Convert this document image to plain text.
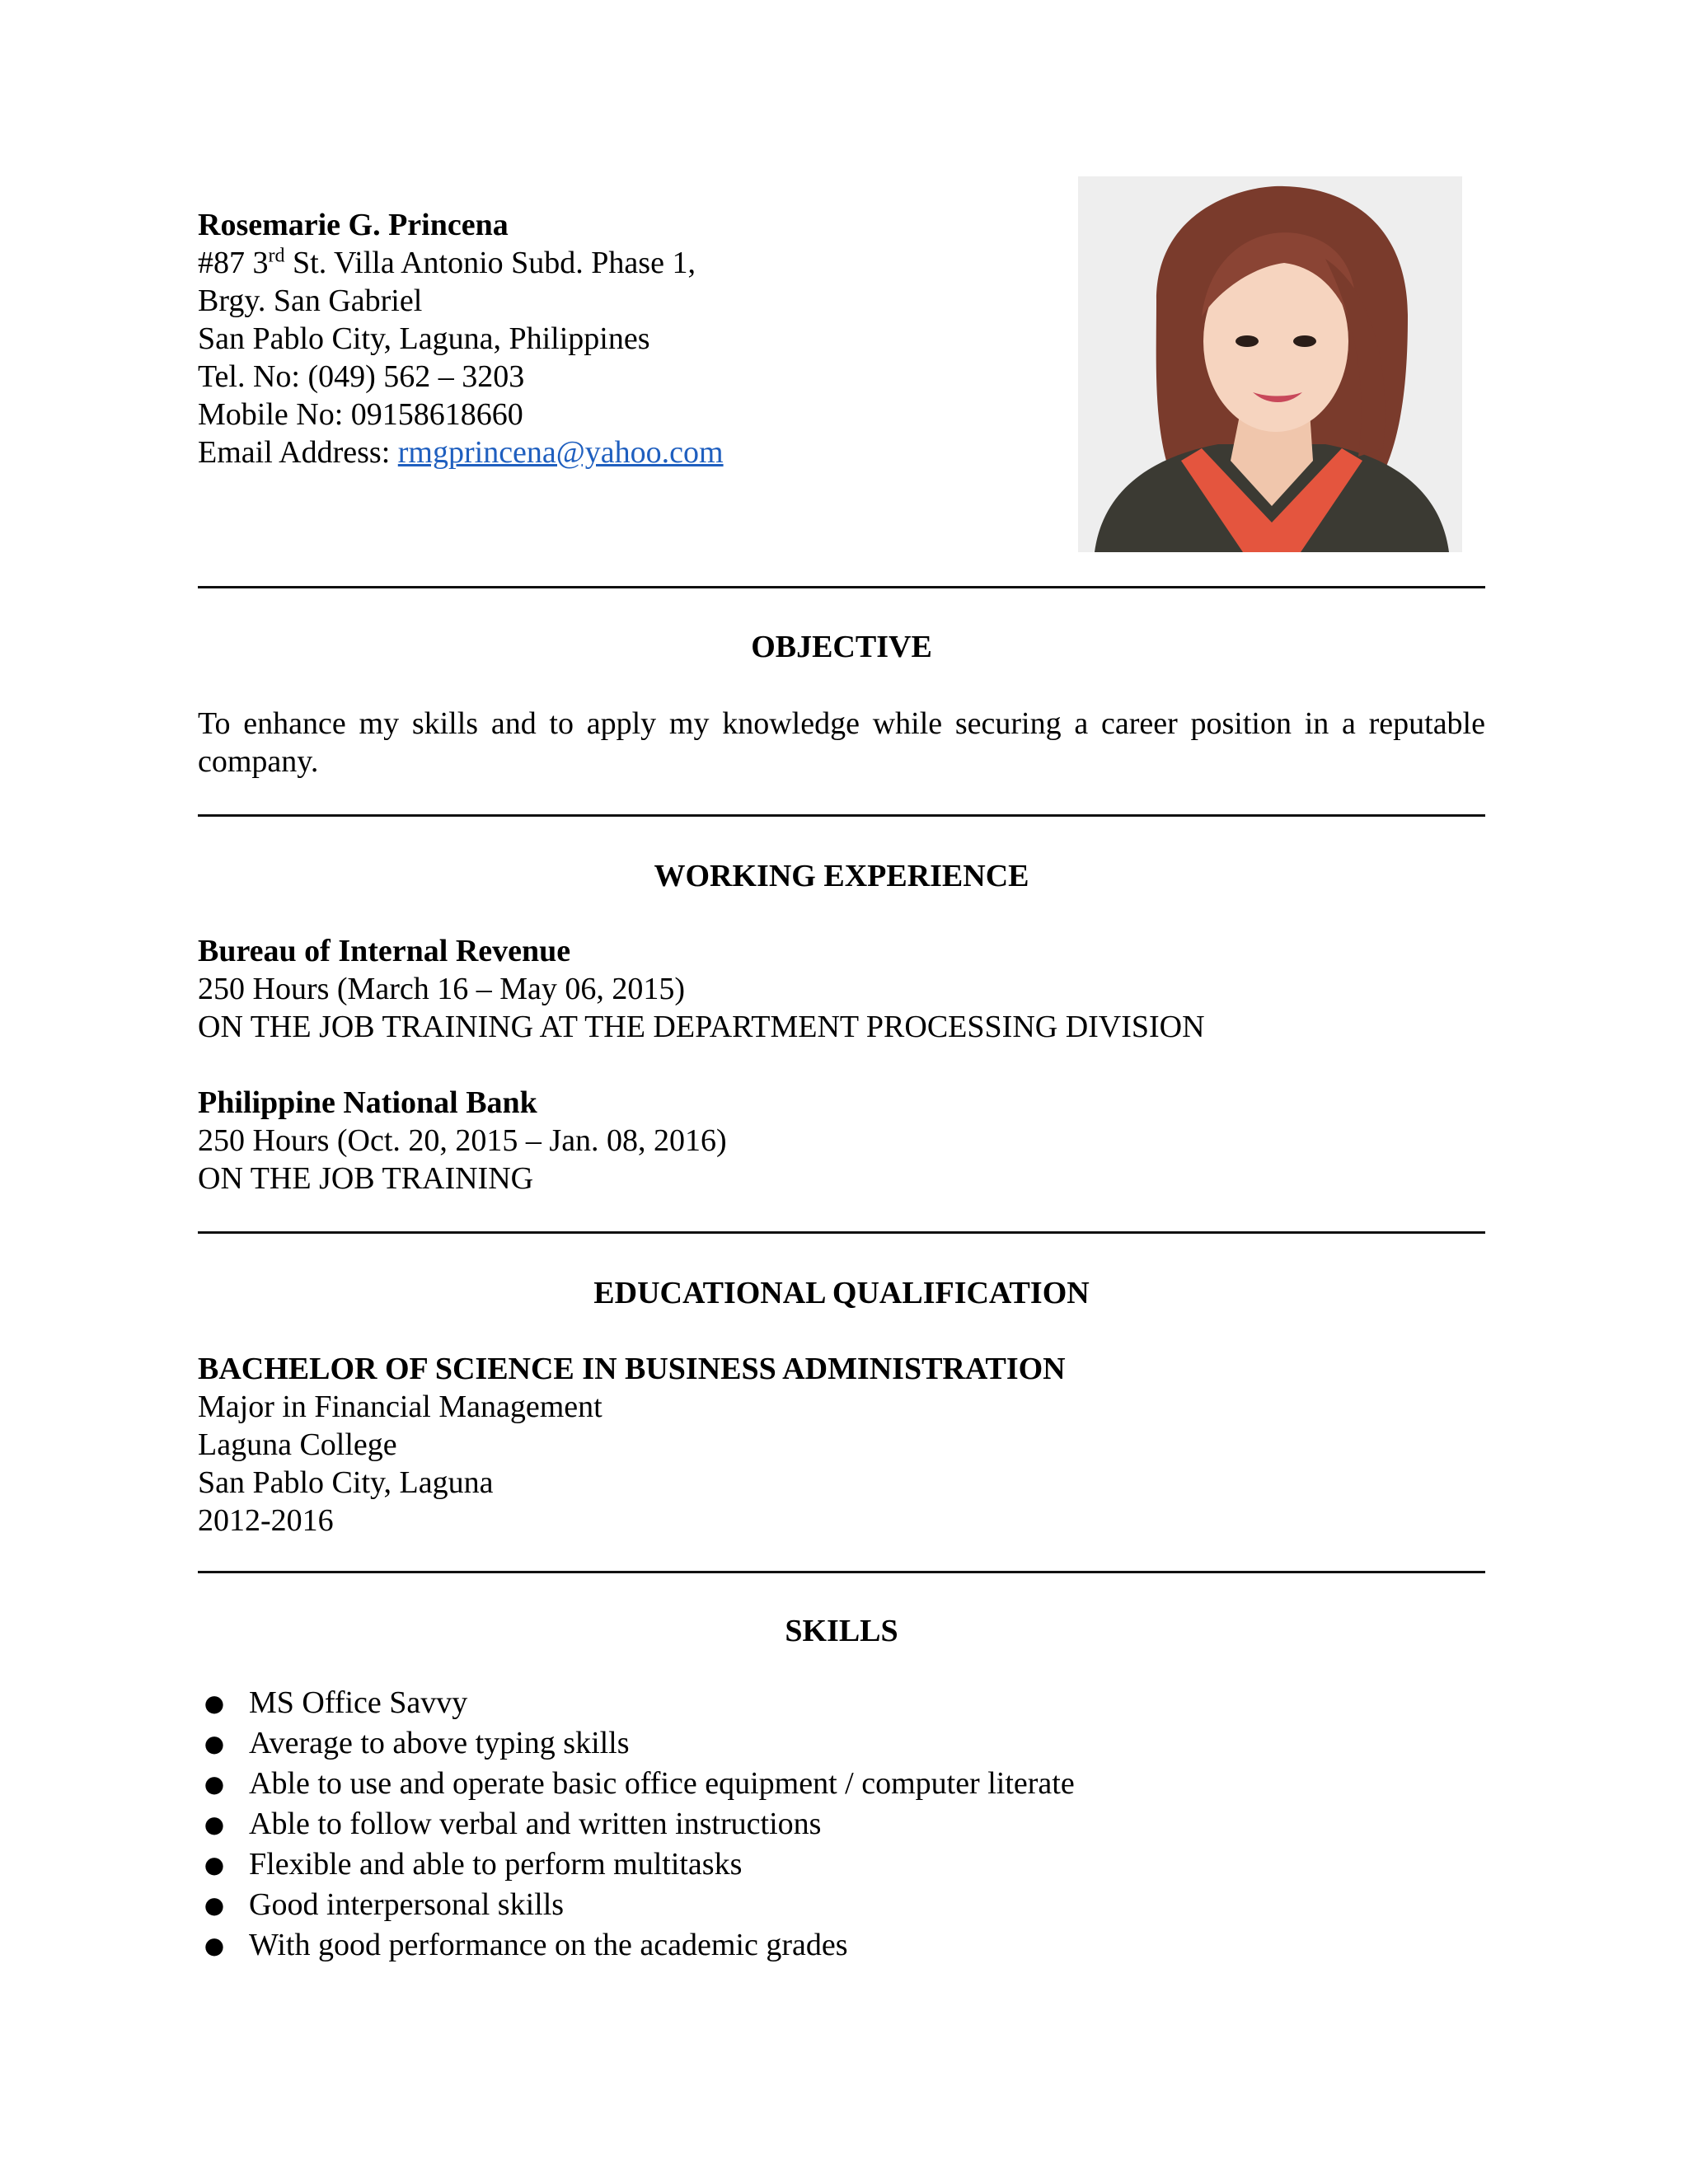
Rosemarie G. Princena
#87 3rd St. Villa Antonio Subd. Phase 1,
Brgy. San Gabriel
San Pablo City, Laguna, Philippines
Tel. No: (049) 562 – 3203
Mobile No: 09158618660
Email Address: rmgprincena@yahoo.com
OBJECTIVE
To enhance my skills and to apply my knowledge while securing a career position in a reputable company.
WORKING EXPERIENCE
Bureau of Internal Revenue
250 Hours (March 16 – May 06, 2015)
ON THE JOB TRAINING AT THE DEPARTMENT PROCESSING DIVISION
Philippine National Bank
250 Hours (Oct. 20, 2015 – Jan. 08, 2016)
ON THE JOB TRAINING
EDUCATIONAL QUALIFICATION
BACHELOR OF SCIENCE IN BUSINESS ADMINISTRATION
Major in Financial Management
Laguna College
San Pablo City, Laguna
2012-2016
SKILLS
● MS Office Savvy
● Average to above typing skills
● Able to use and operate basic office equipment / computer literate
● Able to follow verbal and written instructions
● Flexible and able to perform multitasks
● Good interpersonal skills
● With good performance on the academic grades
